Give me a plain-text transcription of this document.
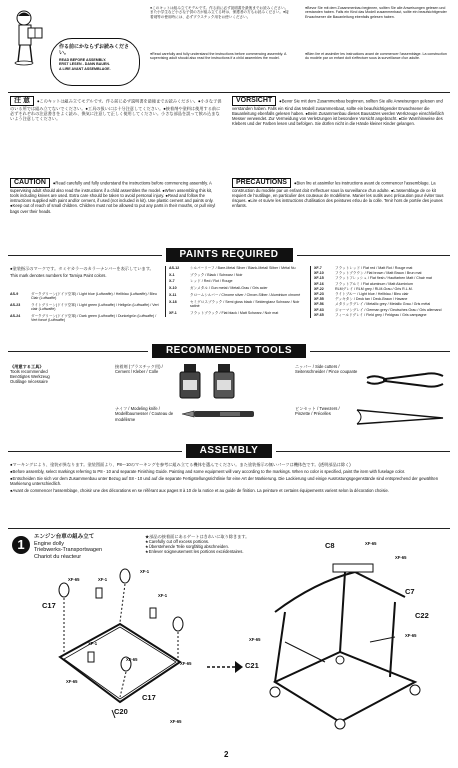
作る前にかならずお読みください。
READ BEFORE ASSEMBLY.
ERST LESEN - DANN BAUEN.
A LIRE AVANT ASSEMBLAGE.
●このキットは組み立てモデルです。作る前に必ず説明書を最後までお読みください。また小学生など小さな子供の方が組み立てる時は、保護者の方もお読みください。●接着剤等の使用時には、必ずプラスチック用をお使いください。
●Read carefully and fully understand the instructions before commencing assembly. A supervising adult should also read the instructions if a child assembles the model.
●Bevor Sie mit dem Zusammenbau beginnen, sollten Sie alle Anweisungen gelesen und verstanden haben. Falls ein Kind das Modell zusammenbaut, sollte ein beaufsichtigender Erwachsener die Bauanleitung ebenfalls gelesen haben.
●Bien lire et assimiler les instructions avant de commencer l'assemblage. La construction du modèle par un enfant doit s'effectuer sous la surveillance d'un adulte.
注 意 ●このキットは組み立てモデルです。作る前に必ず説明書を最後までお読みください。●小さな子供のいる所では組み立てないでください。●工具の扱いには十分注意してください。●接着剤や塗料は使用する前に必ずそれぞれの注意書きをよく読み、換気に注意して正しく使用してください。小さな部品を誤って飲み込まないよう注意してください。
VORSICHT ●Bevor Sie mit dem Zusammenbau beginnen, sollten Sie alle Anweisungen gelesen und verstanden haben. Falls ein Kind das Modell zusammenbaut, sollte ein beaufsichtigender Erwachsener die Bauanleitung ebenfalls gelesen haben. ●Beim Zusammenbau dieses Bausatzes werden Werkzeuge einschließlich Messer verwendet. Zur Vermeidung von Verletzungen ist besondere Vorsicht angebracht. ●Die Warnhinweise des Klebers und der Farben lesen und befolgen. Sie dürfen nicht in die Hände kleiner Kinder gelangen.
CAUTION ●Read carefully and fully understand the instructions before commencing assembly. A supervising adult should also read the instructions if a child assembles the model. ●When assembling this kit, tools including knives are used. Extra care should be taken to avoid personal injury. ●Read and follow the instructions supplied with paint and/or cement, if used (not included in kit). Use plastic cement and paints only. ●Keep out of reach of small children. Children must not be allowed to put any parts in their mouths, or pull vinyl bags over their heads.
PRECAUTIONS ●Bien lire et assimiler les instructions avant de commencer l'assemblage. La construction du modèle par un enfant doit s'effectuer sous la surveillance d'un adulte. ●L'assemblage de ce kit requiert de l'outillage, en particulier des couteaux de modélisme. Manier les outils avec précaution pour éviter tous risques. ●Lire et suivre les instructions d'utilisation des peintures et/ou de la colle. Tenir hors de portée des jeunes enfants.
PAINTS REQUIRED
●塗装指示のマークです。タミヤカラーのカラーナンバーを表示しています。
This mark denotes numbers for Tamiya Paint colors.
AS-9	ダークグリーン(ドイツ空軍) / Light blue (Luftwaffe) / Hellblau (Luftwaffe) / Bleu Clair (Luftwaffe)
AS-23	ライトグリーン(ドイツ空軍) / Light green (Luftwaffe) / Hellgrün (Luftwaffe) / Vert clair (Luftwaffe)
AS-24	ダークグリーン(ドイツ空軍) / Dark green (Luftwaffe) / Dunkelgrün (Luftwaffe) / Vert foncé (Luftwaffe)
AS-12	シルバーリーフ / Bare-Metal Silver / Blank-Metall Silber / Métal Nu
X-1	ブラック / Black / Schwarz / Noir
X-7	レッド / Red / Rot / Rouge
X-10	ガンメタル / Gun metal / Metall-Grau / Gris acier
X-11	クロームシルバー / Chrome silver / Chrom-Silber / Aluminium chromé
X-18	セミグロスブラック / Semi gloss black / Seidenglanz Schwarz / Noir satiné
XF-1	フラットブラック / Flat black / Matt Schwarz / Noir mat
XF-7	フラットレッド / Flat red / Matt Rot / Rouge mat
XF-10	フラットブラウン / Flat brown / Matt Braun / Brun mat
XF-15	フラットフレッシュ / Flat flesh / Hautfarben Matt / Chair mat
XF-16	フラットアルミ / Flat aluminum / Matt Aluminium
XF-22	RLMグレイ / RLM grey / RLM-Grau / Gris R.L.M.
XF-23	ライトブルー / Light blue / Hellblau / Bleu clair
XF-55	デッキタン / Deck tan / Deck-Braun / Havane
XF-56	メタリックグレイ / Metallic grey / Metallic Grau / Gris métal
XF-63	ジャーマングレイ / German grey / Deutsches Grau / Gris allemand
XF-65	フィールドグレイ / Field grey / Feldgrau / Gris campagne
RECOMMENDED TOOLS
《用意する工具》
Tools recommended
Benötigtes Werkzeug
Outillage nécessaire
接着剤 (プラスチック用) / Cement / Kleber / Colle
ナイフ / Modeling knife / Modellbaumesser / Couteau de modélisme
ニッパー / Side cutters / Seitenschneider / Pince coupante
ピンセット / Tweezers / Pinzette / Précelles
ASSEMBLY
●マーキングにより、塗装が異なります。塗装図面より、P8〜10のマーキングを参考に組み立てる機体を選んでください。また塗装指示の無いパーツは機体色です。(透明部品は除く)
●Before assembly, select markings referring to P8 - 10 and separate Finishing Guide. Painting and some equipment will vary according to the markings. When no color is specified, paint the item with fuselage color.
●Entscheiden Sie sich vor dem Zusammenbau unter Bezug auf S8 - 10 und auf die separate Fertigstellungsrichtlinie für eine Art der Markierung. Die Lackierung und einige Ausrüstungsgegenstände sind entsprechend der gewählten Markierung unterschiedlich.
●Avant de commencer l'assemblage, choisir une des décorations en se référant aux pages 8 à 10 de la notice et au guide de finition. La peinture et certains équipements varient selon la décoration choisie.
1	エンジン台車の組み立て
Engine dolly
Triebwerks-Transportwagen
Chariot du réacteur
★部品の接着面にあるゲートはきれいに取り除きます。
★Carefully cut off excess portions.
★Überstehende Teile sorgfältig abschneiden.
★Enlever soigneusement les portions excédentaires.
C17
XF-65	XF-1
XF-1
XF-1
XF-1
XF-65
XF-65
XF-65
C20
C17
XF-65
C8	XF-65
XF-65
C7
C22
XF-65
XF-65
C21
2
